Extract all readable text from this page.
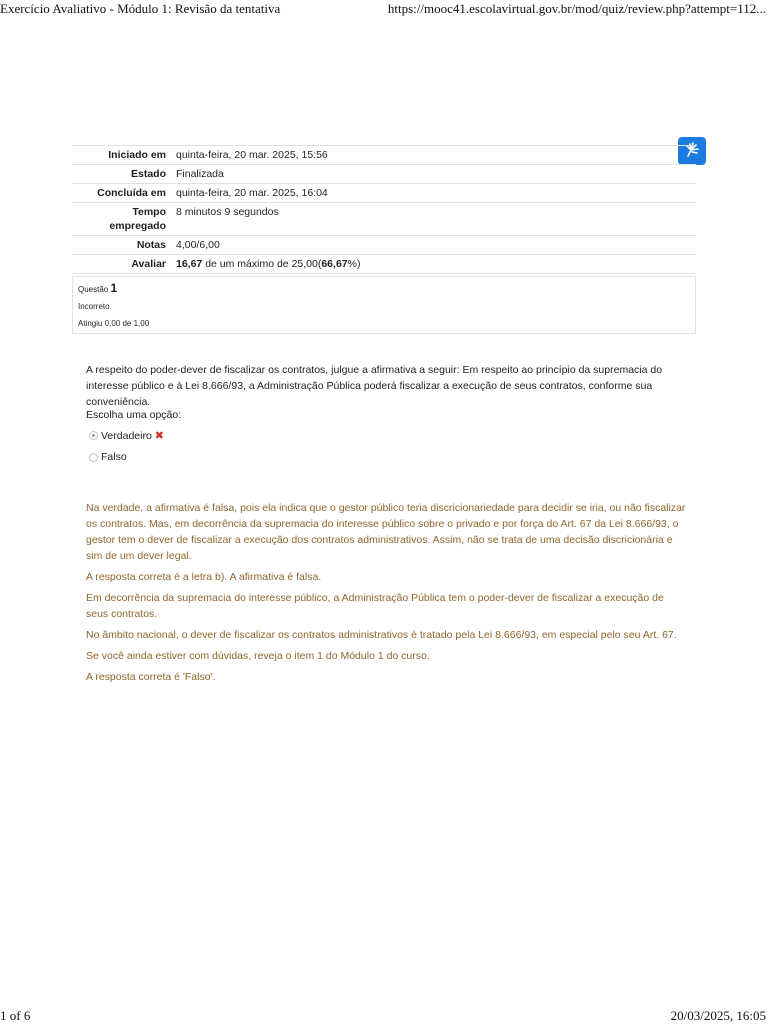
Exercício Avaliativo - Módulo 1: Revisão da tentativa	https://mooc41.escolavirtual.gov.br/mod/quiz/review.php?attempt=112...
Iniciado em	quinta-feira, 20 mar. 2025, 15:56
Estado	Finalizada
Concluída em	quinta-feira, 20 mar. 2025, 16:04
Tempo
empregado	8 minutos 9 segundos
Notas	4,00/6,00
Avaliar	16,67 de um máximo de 25,00(66,67%)
Questão 1
Incorreto
Atingiu 0,00 de 1,00
A respeito do poder-dever de fiscalizar os contratos, julgue a afirmativa a seguir: Em respeito ao princípio da supremacia do interesse público e à Lei 8.666/93, a Administração Pública poderá fiscalizar a execução de seus contratos, conforme sua conveniência.
Escolha uma opção:
Verdadeiro ✖
Falso

Na verdade, a afirmativa é falsa, pois ela indica que o gestor público teria discricionariedade para decidir se iria, ou não fiscalizar os contratos. Mas, em decorrência da supremacia do interesse público sobre o privado e por força do Art. 67 da Lei 8.666/93, o gestor tem o dever de fiscalizar a execução dos contratos administrativos. Assim, não se trata de uma decisão discricionária e sim de um dever legal.

A resposta correta é a letra b). A afirmativa é falsa.

Em decorrência da supremacia do interesse público, a Administração Pública tem o poder-dever de fiscalizar a execução de seus contratos.

No âmbito nacional, o dever de fiscalizar os contratos administrativos é tratado pela Lei 8.666/93, em especial pelo seu Art. 67.

Se você ainda estiver com dúvidas, reveja o item 1 do Módulo 1 do curso.

A resposta correta é 'Falso'.

1 of 6	20/03/2025, 16:05
